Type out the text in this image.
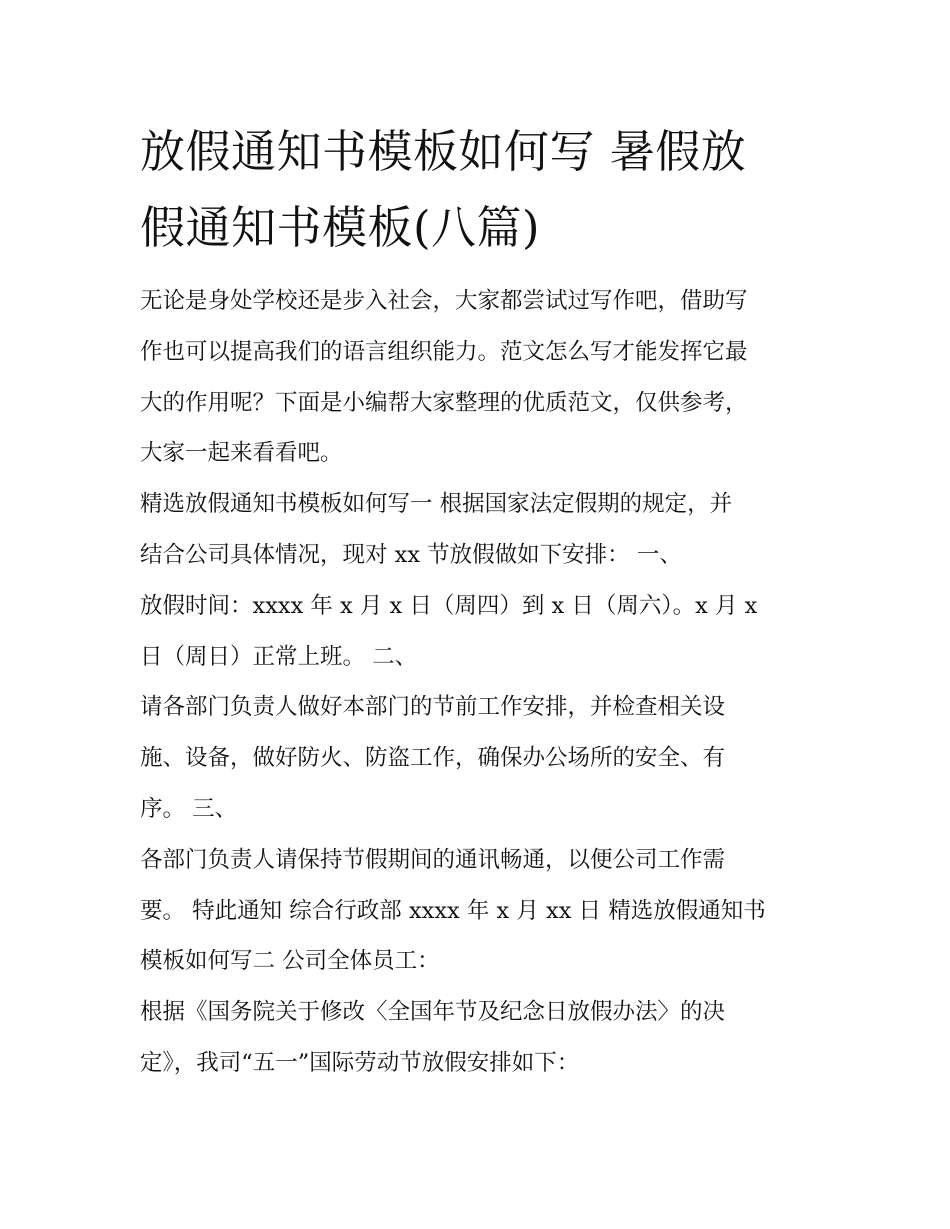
放假通知书模板如何写 暑假放
假通知书模板(八篇)

无论是身处学校还是步入社会，大家都尝试过写作吧，借助写
作也可以提高我们的语言组织能力。范文怎么写才能发挥它最
大的作用呢？下面是小编帮大家整理的优质范文，仅供参考，
大家一起来看看吧。

精选放假通知书模板如何写一 根据国家法定假期的规定，并
结合公司具体情况，现对 xx 节放假做如下安排： 一、

放假时间：xxxx 年 x 月 x 日（周四）到 x 日（周六）。x 月 x
日（周日）正常上班。 二、

请各部门负责人做好本部门的节前工作安排，并检查相关设
施、设备，做好防火、防盗工作，确保办公场所的安全、有
序。 三、

各部门负责人请保持节假期间的通讯畅通，以便公司工作需
要。 特此通知 综合行政部 xxxx 年 x 月 xx 日 精选放假通知书
模板如何写二 公司全体员工：

根据《国务院关于修改〈全国年节及纪念日放假办法〉的决
定》，我司“五一”国际劳动节放假安排如下：
